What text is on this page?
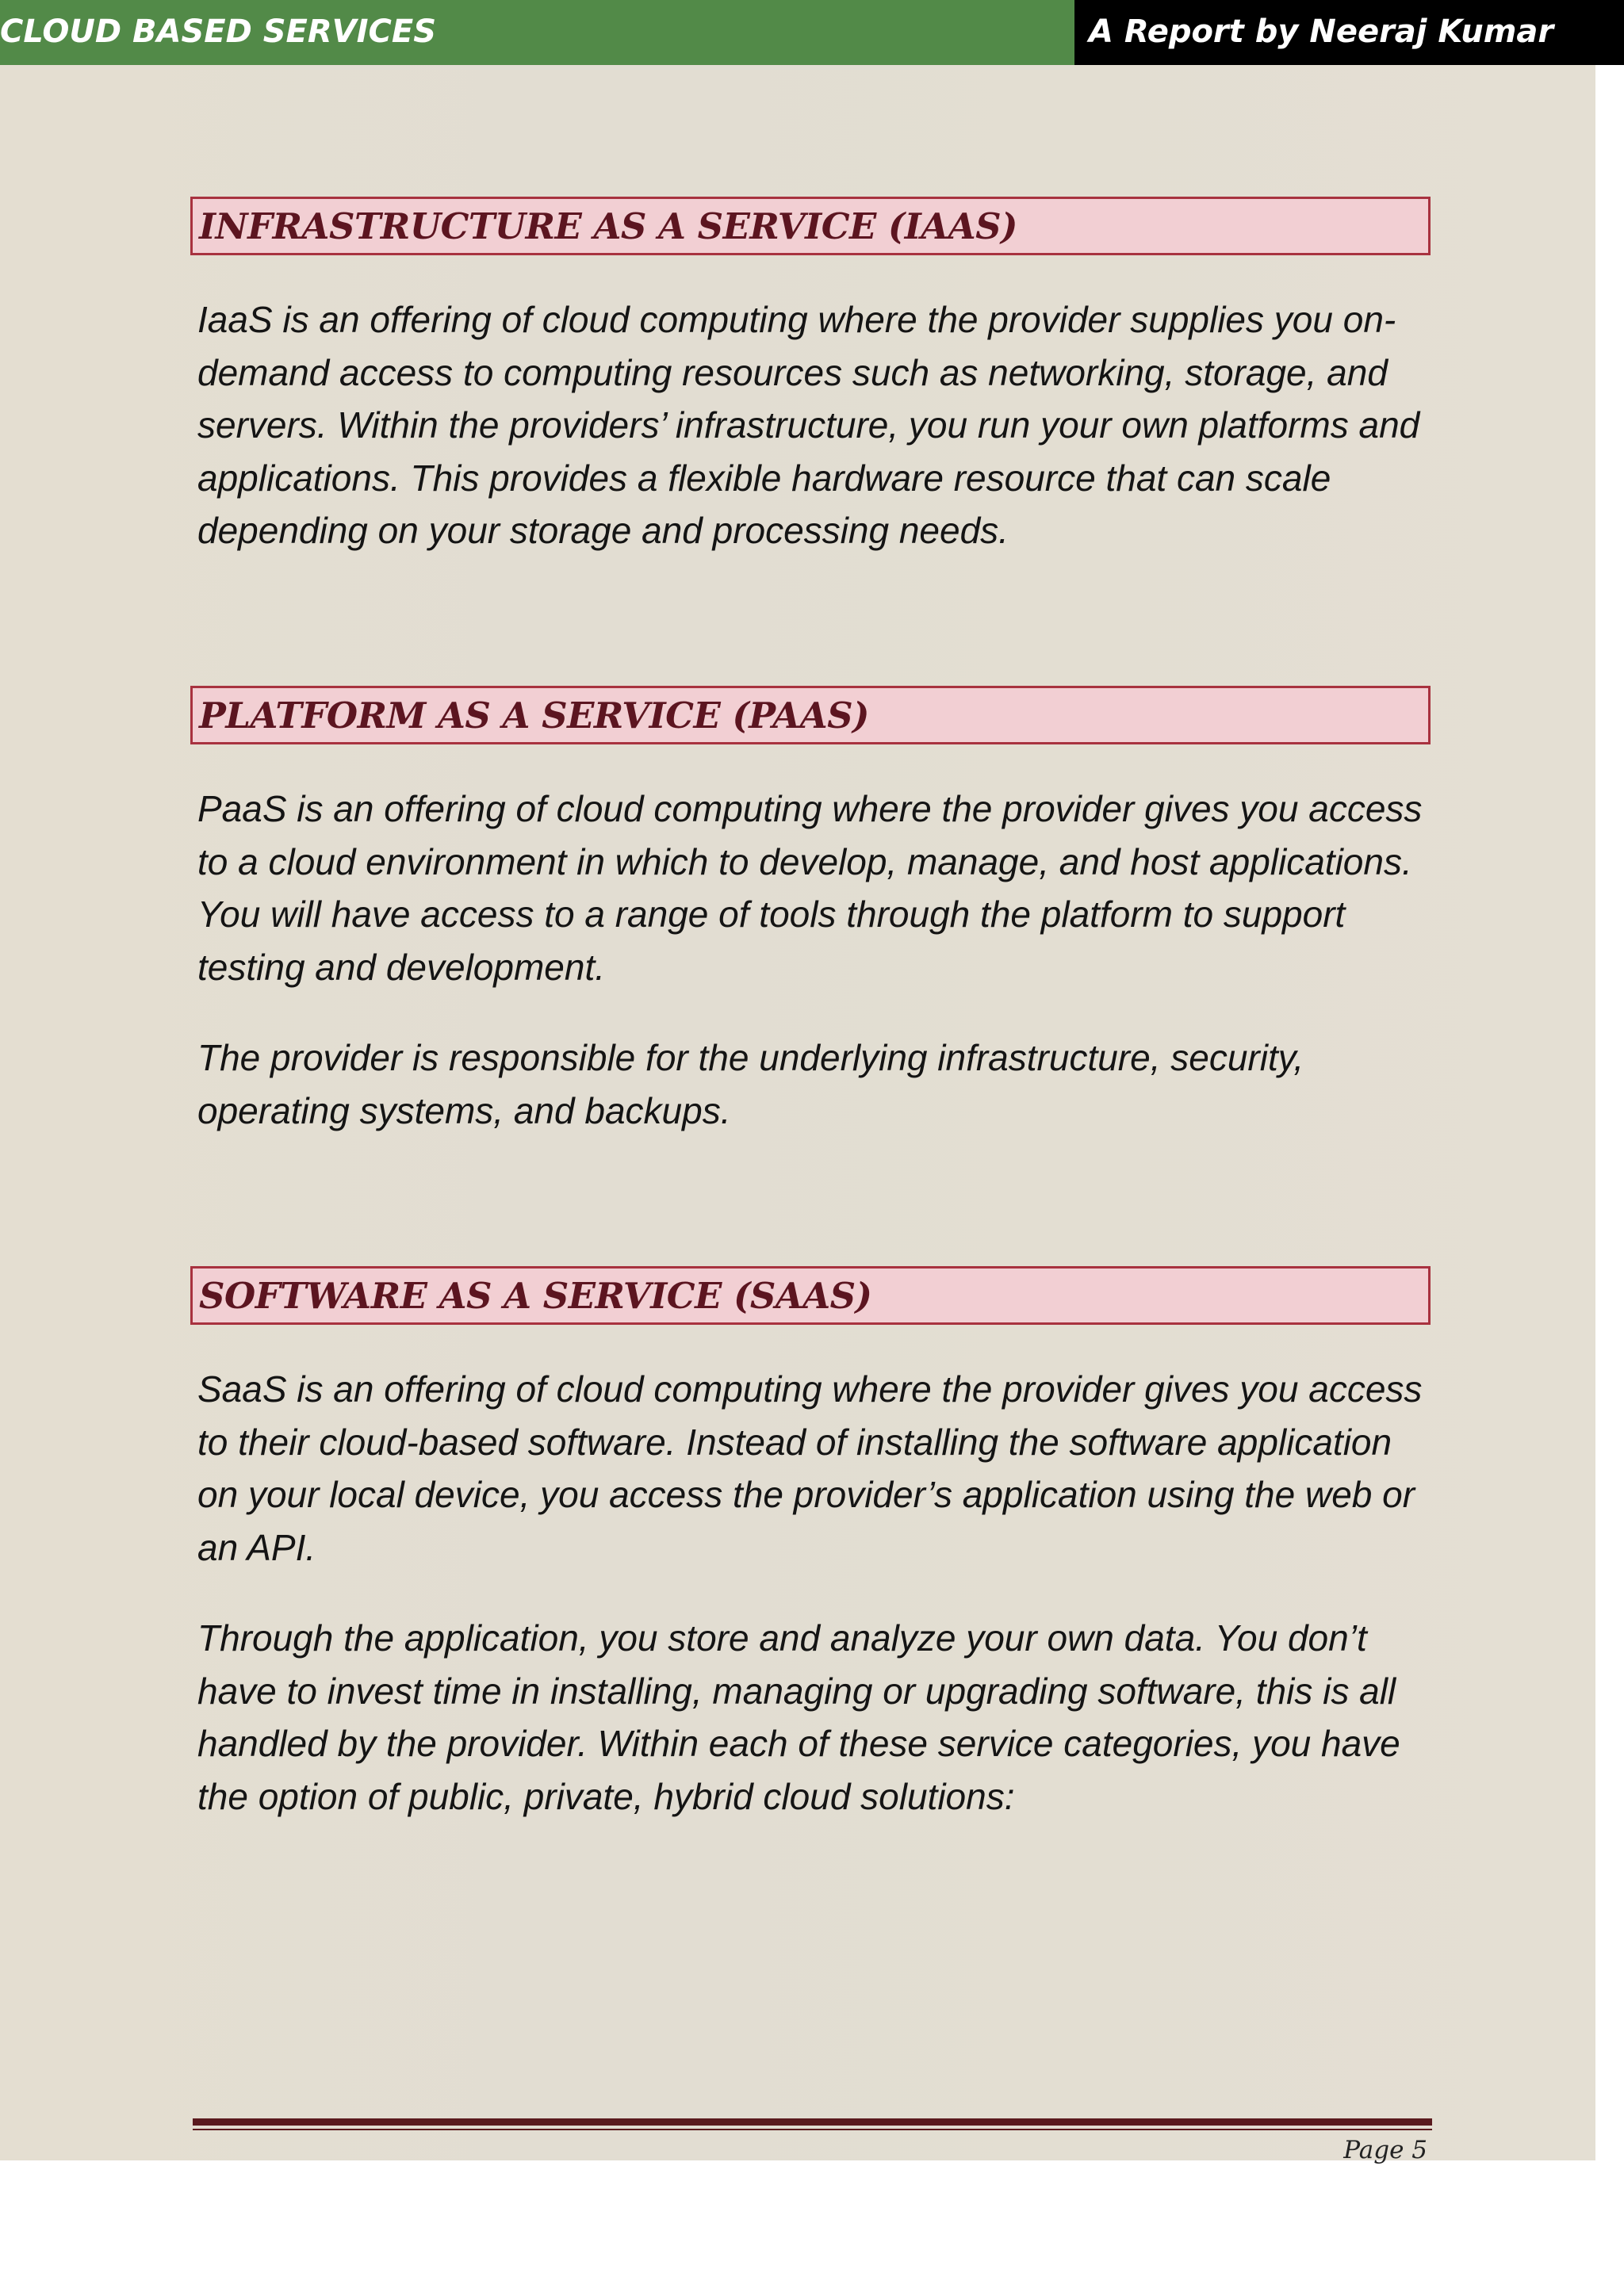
CLOUD BASED SERVICES	A Report by Neeraj Kumar
INFRASTRUCTURE AS A SERVICE (IAAS)

IaaS is an offering of cloud computing where the provider supplies you on-demand access to computing resources such as networking, storage, and servers. Within the providers’ infrastructure, you run your own platforms and applications. This provides a flexible hardware resource that can scale depending on your storage and processing needs.

PLATFORM AS A SERVICE (PAAS)

PaaS is an offering of cloud computing where the provider gives you access to a cloud environment in which to develop, manage, and host applications. You will have access to a range of tools through the platform to support testing and development.

The provider is responsible for the underlying infrastructure, security, operating systems, and backups.

SOFTWARE AS A SERVICE (SAAS)

SaaS is an offering of cloud computing where the provider gives you access to their cloud-based software. Instead of installing the software application on your local device, you access the provider’s application using the web or an API.

Through the application, you store and analyze your own data. You don’t have to invest time in installing, managing or upgrading software, this is all handled by the provider. Within each of these service categories, you have the option of public, private, hybrid cloud solutions:

Page 5
